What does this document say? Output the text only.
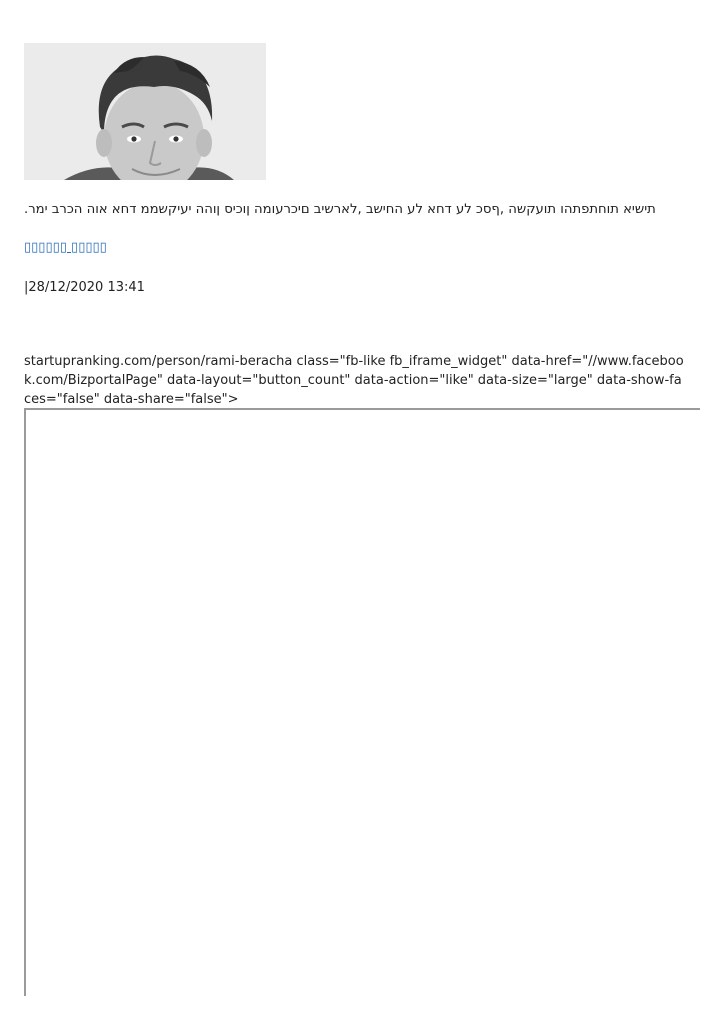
.תישיא תוחתפתהו תועקשה ,ףסכ לע דחא לע החישב ,לארשיב םיכרעומה ןוכיס ןוהה יעיקשממ דחא אוה הכרב ימר
▯▯▯▯▯▯ ▯▯▯▯▯
|28/12/2020 13:41
startupranking.com/person/rami-beracha class="fb-like fb_iframe_widget" data-href="//www.facebook.com/BizportalPage" data-layout="button_count" data-action="like" data-size="large" data-show-faces="false" data-share="false">
